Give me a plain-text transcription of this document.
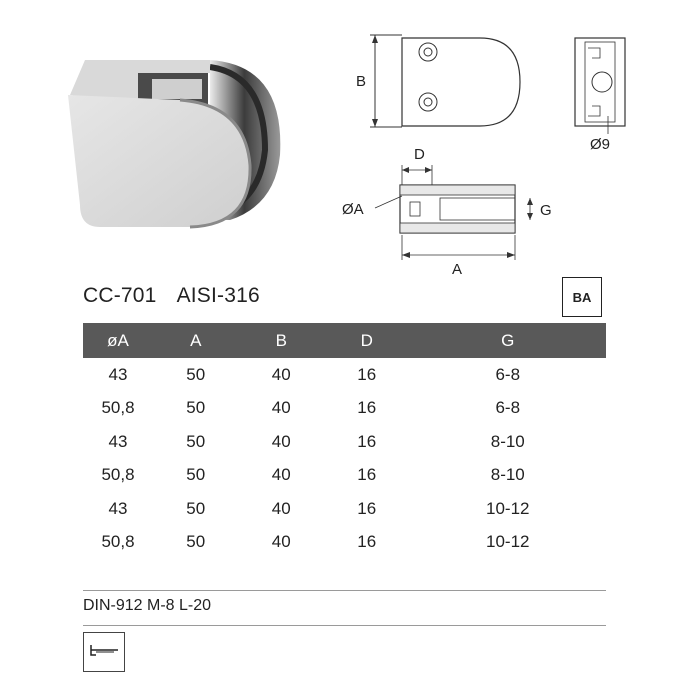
B
Ø9
D
ØA	G
A
CC-701 AISI-316	BA
øA	A	B	D	G
43	50	40	16	6-8
50,8	50	40	16	6-8
43	50	40	16	8-10
50,8	50	40	16	8-10
43	50	40	16	10-12
50,8	50	40	16	10-12
DIN-912 M-8 L-20
